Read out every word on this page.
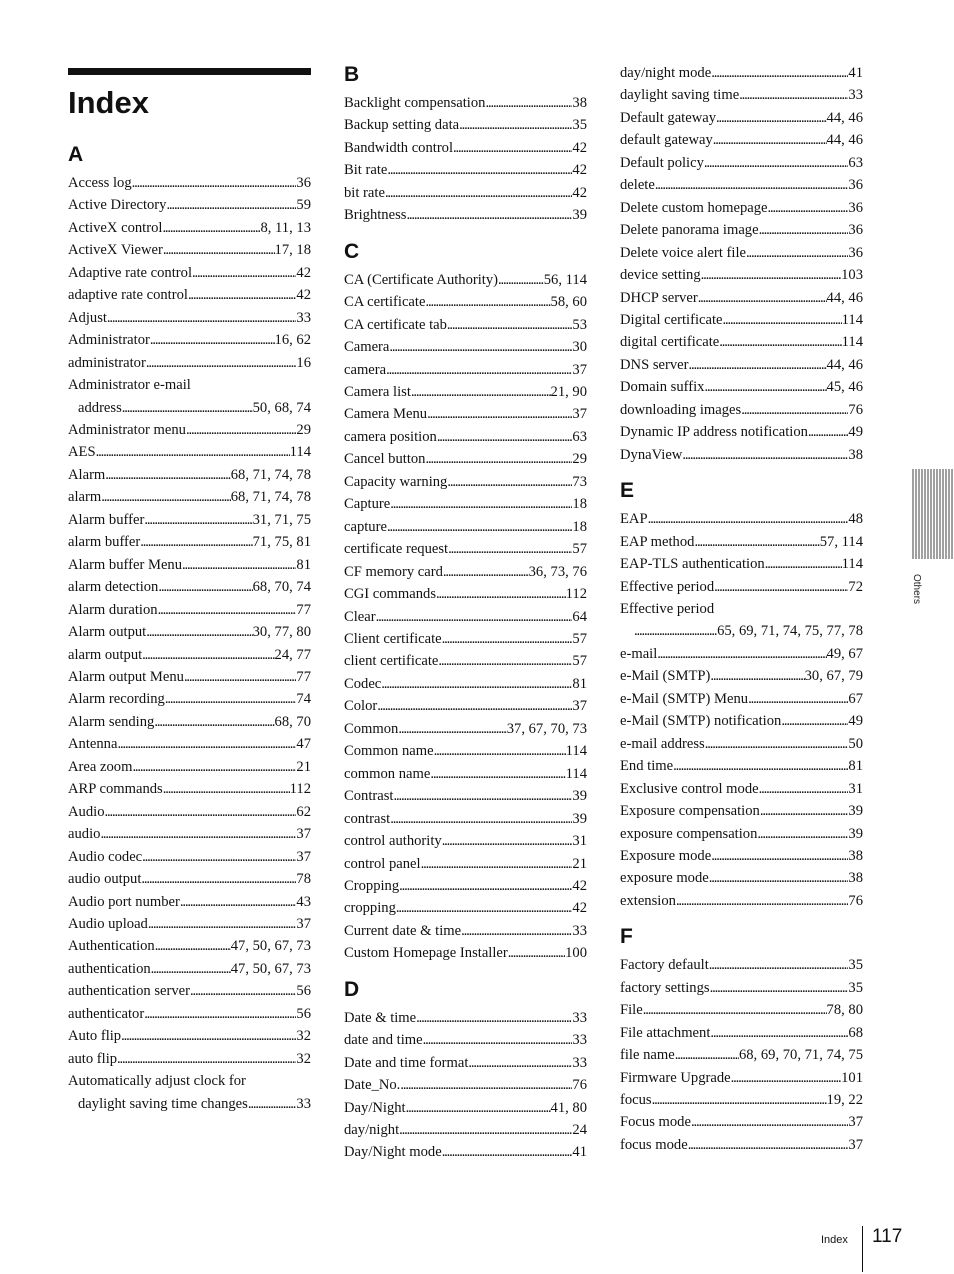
Index
A
Access log . . .	36
Active Directory . . .	59
ActiveX control . . .	8, 11, 13
ActiveX Viewer . . .	17, 18
Adaptive rate control . . .	42
adaptive rate control . . .	42
Adjust . . .	33
Administrator . . .	16, 62
administrator . . .	16
Administrator e-mail
address . . .	50, 68, 74
Administrator menu . . .	29
AES . . .	114
Alarm . . .	68, 71, 74, 78
alarm . . .	68, 71, 74, 78
Alarm buffer . . .	31, 71, 75
alarm buffer . . .	71, 75, 81
Alarm buffer Menu . . .	81
alarm detection . . .	68, 70, 74
Alarm duration . . .	77
Alarm output . . .	30, 77, 80
alarm output . . .	24, 77
Alarm output Menu . . .	77
Alarm recording . . .	74
Alarm sending . . .	68, 70
Antenna . . .	47
Area zoom . . .	21
ARP commands . . .	112
Audio . . .	62
audio . . .	37
Audio codec . . .	37
audio output . . .	78
Audio port number . . .	43
Audio upload . . .	37
Authentication . . .	47, 50, 67, 73
authentication . . .	47, 50, 67, 73
authentication server . . .	56
authenticator . . .	56
Auto flip . . .	32
auto flip . . .	32
Automatically adjust clock for
daylight saving time changes . . .	33
B
Backlight compensation . . .	38
Backup setting data . . .	35
Bandwidth control . . .	42
Bit rate . . .	42
bit rate . . .	42
Brightness . . .	39
C
CA (Certificate Authority) . . .	56, 114
CA certificate . . .	58, 60
CA certificate tab . . .	53
Camera . . .	30
camera . . .	37
Camera list . . .	21, 90
Camera Menu . . .	37
camera position . . .	63
Cancel button . . .	29
Capacity warning . . .	73
Capture . . .	18
capture . . .	18
certificate request . . .	57
CF memory card . . .	36, 73, 76
CGI commands . . .	112
Clear . . .	64
Client certificate . . .	57
client certificate . . .	57
Codec . . .	81
Color . . .	37
Common . . .	37, 67, 70, 73
Common name . . .	114
common name . . .	114
Contrast . . .	39
contrast . . .	39
control authority . . .	31
control panel . . .	21
Cropping . . .	42
cropping . . .	42
Current date & time . . .	33
Custom Homepage Installer . . .	100
D
Date & time . . .	33
date and time . . .	33
Date and time format . . .	33
Date_No. . . .	76
Day/Night . . .	41, 80
day/night . . .	24
Day/Night mode . . .	41
day/night mode . . .	41
daylight saving time . . .	33
Default gateway . . .	44, 46
default gateway . . .	44, 46
Default policy . . .	63
delete . . .	36
Delete custom homepage . . .	36
Delete panorama image . . .	36
Delete voice alert file . . .	36
device setting . . .	103
DHCP server . . .	44, 46
Digital certificate . . .	114
digital certificate . . .	114
DNS server . . .	44, 46
Domain suffix . . .	45, 46
downloading images . . .	76
Dynamic IP address notification . . .	49
DynaView . . .	38
E
EAP . . .	48
EAP method . . .	57, 114
EAP-TLS authentication . . .	114
Effective period . . .	72
Effective period
. . .
65, 69, 71, 74, 75, 77, 78
e-mail . . .	49, 67
e-Mail (SMTP) . . .	30, 67, 79
e-Mail (SMTP) Menu . . .	67
e-Mail (SMTP) notification . . .	49
e-mail address . . .	50
End time . . .	81
Exclusive control mode . . .	31
Exposure compensation . . .	39
exposure compensation . . .	39
Exposure mode . . .	38
exposure mode . . .	38
extension . . .	76
F
Factory default . . .	35
factory settings . . .	35
File . . .	78, 80
File attachment . . .	68
file name . . .	68, 69, 70, 71, 74, 75
Firmware Upgrade . . .	101
focus . . .	19, 22
Focus mode . . .	37
focus mode . . .	37
Others
Index 117
